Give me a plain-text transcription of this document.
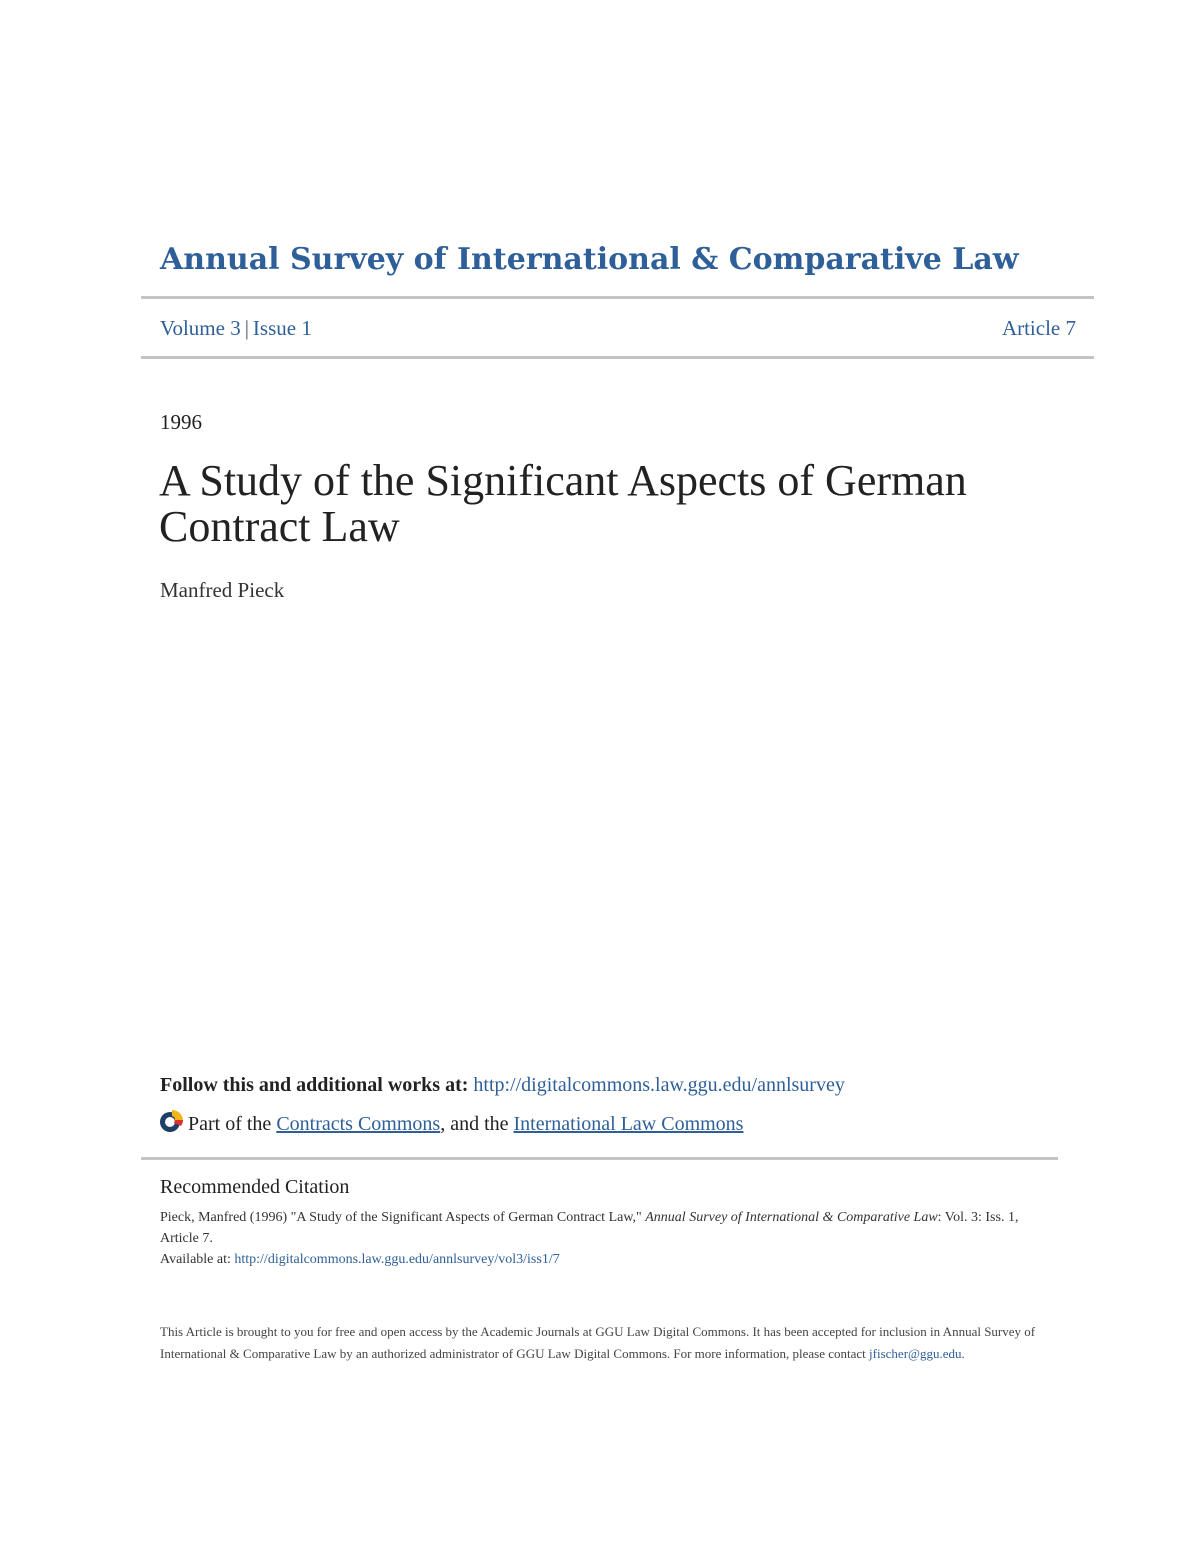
Annual Survey of International & Comparative Law
Volume 3 | Issue 1	Article 7
1996
A Study of the Significant Aspects of German Contract Law
Manfred Pieck
Follow this and additional works at: http://digitalcommons.law.ggu.edu/annlsurvey
Part of the
Contracts Commons , and the
International Law Commons
Recommended Citation
Pieck, Manfred (1996) "A Study of the Significant Aspects of German Contract Law," Annual Survey of International & Comparative Law: Vol. 3: Iss. 1, Article 7.
Available at: http://digitalcommons.law.ggu.edu/annlsurvey/vol3/iss1/7
This Article is brought to you for free and open access by the Academic Journals at GGU Law Digital Commons. It has been accepted for inclusion in Annual Survey of International & Comparative Law by an authorized administrator of GGU Law Digital Commons. For more information, please contact jfischer@ggu.edu.
